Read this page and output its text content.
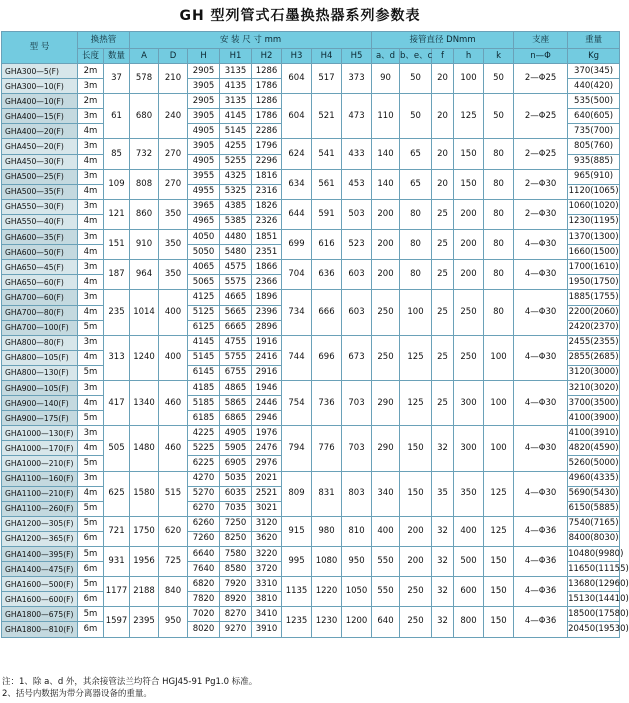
GH 型列管式石墨换热器系列参数表
型 号	换热管		安 装 尺 寸 mm								接管直径 DNmm					支座	重量
	长度	数量	A	D	H	H1	H2	H3	H4	H5	a、d	b、e、c	f	h	k	n—Φ	Kg
GHA300—5(F)	2m	37	578	210	2905	3135	1286	604	517	373	90	50	20	100	50	2—Φ25	370(345)
GHA300—10(F)	3m				3905	4135	1786										440(420)
GHA400—10(F)	2m	61	680	240	2905	3135	1286	604	521	473	110	50	20	125	50	2—Φ25	535(500)
GHA400—15(F)	3m				3905	4145	1786										640(605)
GHA400—20(F)	4m				4905	5145	2286										735(700)
GHA450—20(F)	3m	85	732	270	3905	4255	1796	624	541	433	140	65	20	150	80	2—Φ25	805(760)
GHA450—30(F)	4m				4905	5255	2296										935(885)
GHA500—25(F)	3m	109	808	270	3955	4325	1816	634	561	453	140	65	20	150	80	2—Φ30	965(910)
GHA500—35(F)	4m				4955	5325	2316										1120(1065)
GHA550—30(F)	3m	121	860	350	3965	4385	1826	644	591	503	200	80	25	200	80	2—Φ30	1060(1020)
GHA550—40(F)	4m				4965	5385	2326										1230(1195)
GHA600—35(F)	3m	151	910	350	4050	4480	1851	699	616	523	200	80	25	200	80	4—Φ30	1370(1300)
GHA600—50(F)	4m				5050	5480	2351										1660(1500)
GHA650—45(F)	3m	187	964	350	4065	4575	1866	704	636	603	200	80	25	200	80	4—Φ30	1700(1610)
GHA650—60(F)	4m				5065	5575	2366										1950(1750)
GHA700—60(F)	3m	235	1014	400	4125	4665	1896	734	666	603	250	100	25	250	80	4—Φ30	1885(1755)
GHA700—80(F)	4m				5125	5665	2396										2200(2060)
GHA700—100(F)	5m				6125	6665	2896										2420(2370)
GHA800—80(F)	3m	313	1240	400	4145	4755	1916	744	696	673	250	125	25	250	100	4—Φ30	2455(2355)
GHA800—105(F)	4m				5145	5755	2416										2855(2685)
GHA800—130(F)	5m				6145	6755	2916										3120(3000)
GHA900—105(F)	3m	417	1340	460	4185	4865	1946	754	736	703	290	125	25	300	100	4—Φ30	3210(3020)
GHA900—140(F)	4m				5185	5865	2446										3700(3500)
GHA900—175(F)	5m				6185	6865	2946										4100(3900)
GHA1000—130(F)	3m	505	1480	460	4225	4905	1976	794	776	703	290	150	32	300	100	4—Φ30	4100(3910)
GHA1000—170(F)	4m				5225	5905	2476										4820(4590)
GHA1000—210(F)	5m				6225	6905	2976										5260(5000)
GHA1100—160(F)	3m	625	1580	515	4270	5035	2021	809	831	803	340	150	35	350	125	4—Φ30	4960(4335)
GHA1100—210(F)	4m				5270	6035	2521										5690(5430)
GHA1100—260(F)	5m				6270	7035	3021										6150(5885)
GHA1200—305(F)	5m	721	1750	620	6260	7250	3120	915	980	810	400	200	32	400	125	4—Φ36	7540(7165)
GHA1200—365(F)	6m				7260	8250	3620										8400(8030)
GHA1400—395(F)	5m	931	1956	725	6640	7580	3220	995	1080	950	550	200	32	500	150	4—Φ36	10480(9980)
GHA1400—475(F)	6m				7640	8580	3720										11650(11155)
GHA1600—500(F)	5m	1177	2188	840	6820	7920	3310	1135	1220	1050	550	250	32	600	150	4—Φ36	13680(12960)
GHA1600—600(F)	6m				7820	8920	3810										15130(14410)
GHA1800—675(F)	5m	1597	2395	950	7020	8270	3410	1235	1230	1200	640	250	32	800	150	4—Φ36	18500(17580)
GHA1800—810(F)	6m				8020	9270	3910										20450(19530)
注：1、除 a、d 外，其余接管法兰均符合 HGJ45-91 Pg1.0 标准。
2、括号内数据为带分离器设备的重量。
